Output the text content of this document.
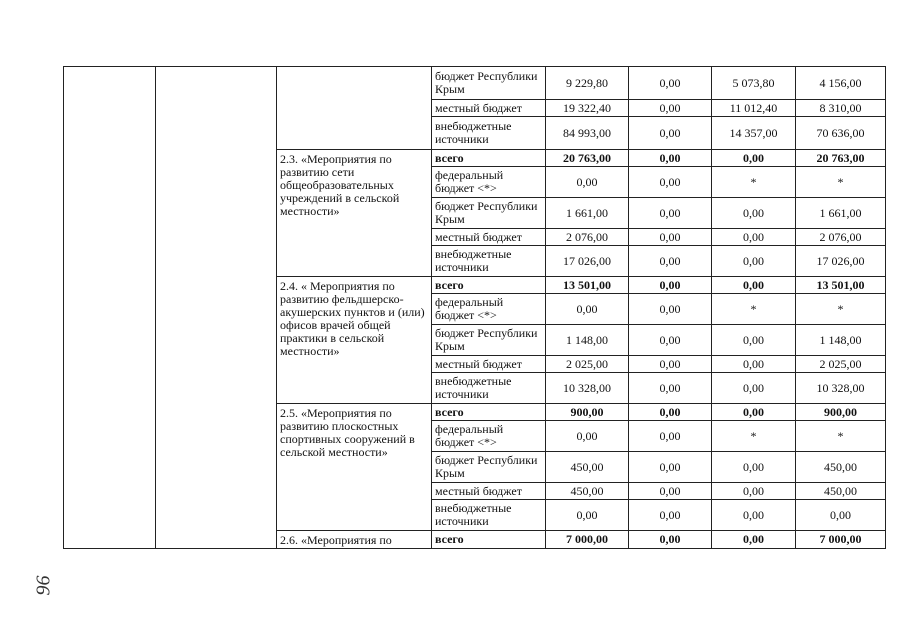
			бюджет Республики Крым	9 229,80	0,00	5 073,80	4 156,00
			местный бюджет	19 322,40	0,00	11 012,40	8 310,00
			внебюджетные источники	84 993,00	0,00	14 357,00	70 636,00
		2.3. «Мероприятия по развитию сети общеобразовательных учреждений в сельской местности»	всего	20 763,00	0,00	0,00	20 763,00
			федеральный бюджет <*>	0,00	0,00	*	*
			бюджет Республики Крым	1 661,00	0,00	0,00	1 661,00
			местный бюджет	2 076,00	0,00	0,00	2 076,00
			внебюджетные источники	17 026,00	0,00	0,00	17 026,00
		2.4. « Мероприятия по развитию фельдшерско-акушерских пунктов и (или) офисов врачей общей практики в сельской местности»	всего	13 501,00	0,00	0,00	13 501,00
			федеральный бюджет <*>	0,00	0,00	*	*
			бюджет Республики Крым	1 148,00	0,00	0,00	1 148,00
			местный бюджет	2 025,00	0,00	0,00	2 025,00
			внебюджетные источники	10 328,00	0,00	0,00	10 328,00
		2.5. «Мероприятия по развитию плоскостных спортивных сооружений в сельской местности»	всего	900,00	0,00	0,00	900,00
			федеральный бюджет <*>	0,00	0,00	*	*
			бюджет Республики Крым	450,00	0,00	0,00	450,00
			местный бюджет	450,00	0,00	0,00	450,00
			внебюджетные источники	0,00	0,00	0,00	0,00
		2.6. «Мероприятия по	всего	7 000,00	0,00	0,00	7 000,00
96
